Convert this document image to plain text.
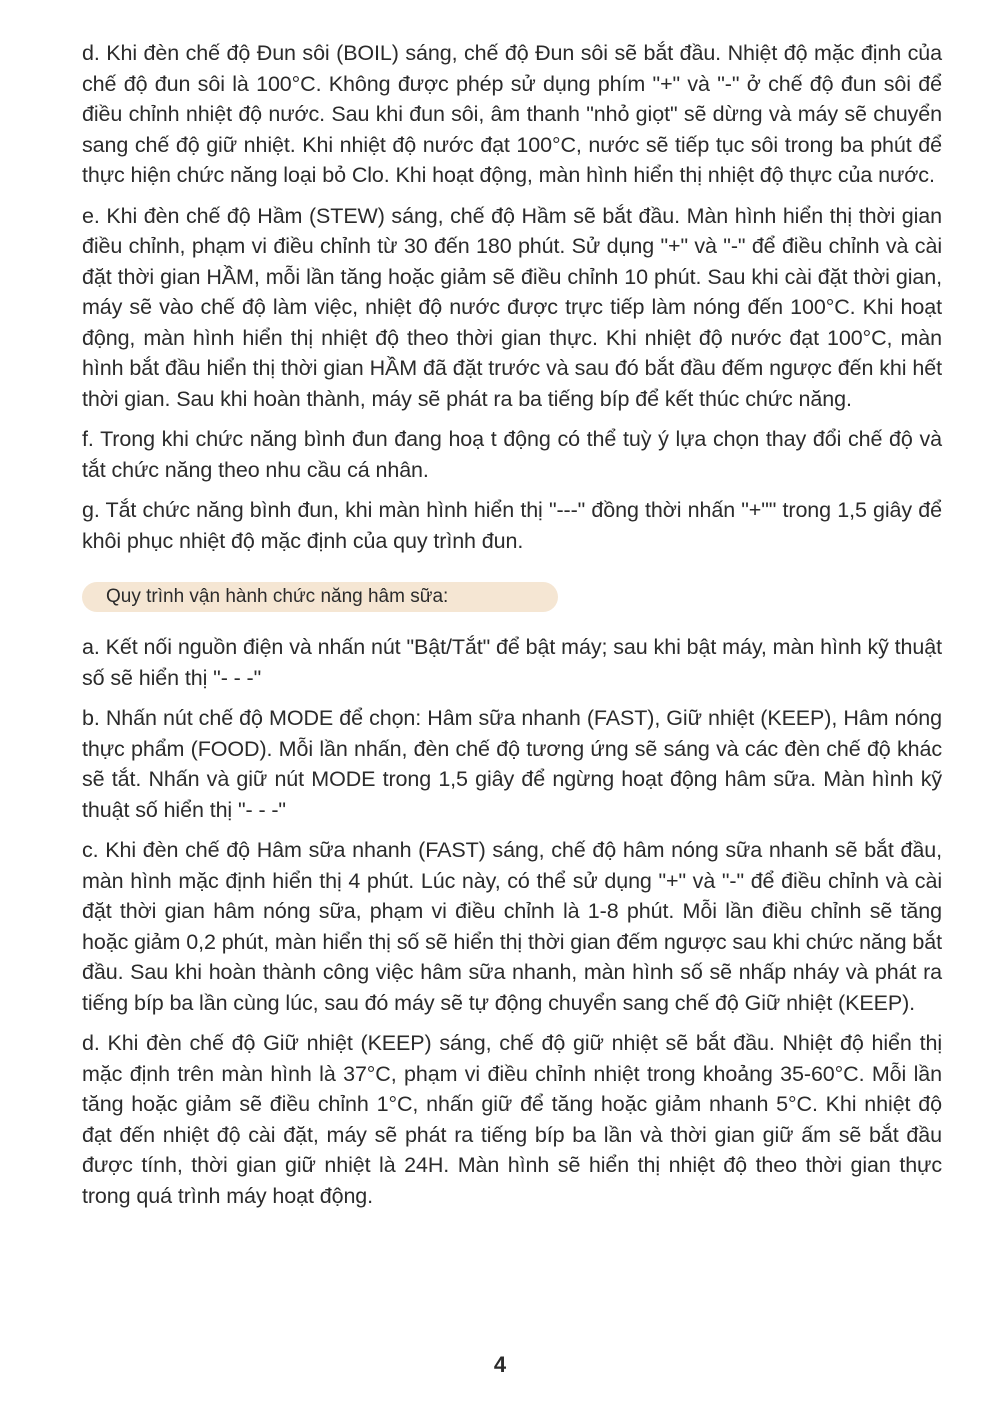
d. Khi đèn chế độ Đun sôi (BOIL) sáng, chế độ Đun sôi sẽ bắt đầu. Nhiệt độ mặc định của chế độ đun sôi là 100°C. Không được phép sử dụng phím "+" và "-" ở chế độ đun sôi để điều chỉnh nhiệt độ nước. Sau khi đun sôi, âm thanh "nhỏ giọt" sẽ dừng và máy sẽ chuyển sang chế độ giữ nhiệt. Khi nhiệt độ nước đạt 100°C, nước sẽ tiếp tục sôi trong ba phút để thực hiện chức năng loại bỏ Clo. Khi hoạt động, màn hình hiển thị nhiệt độ thực của nước.

e. Khi đèn chế độ Hầm (STEW) sáng, chế độ Hầm sẽ bắt đầu. Màn hình hiển thị thời gian điều chỉnh, phạm vi điều chỉnh từ 30 đến 180 phút. Sử dụng "+" và "-" để điều chỉnh và cài đặt thời gian HẦM, mỗi lần tăng hoặc giảm sẽ điều chỉnh 10 phút. Sau khi cài đặt thời gian, máy sẽ vào chế độ làm việc, nhiệt độ nước được trực tiếp làm nóng đến 100°C. Khi hoạt động, màn hình hiển thị nhiệt độ theo thời gian thực. Khi nhiệt độ nước đạt 100°C, màn hình bắt đầu hiển thị thời gian HẦM đã đặt trước và sau đó bắt đầu đếm ngược đến khi hết thời gian. Sau khi hoàn thành, máy sẽ phát ra ba tiếng bíp để kết thúc chức năng.

f. Trong khi chức năng bình đun đang hoạ t động có thể tuỳ ý lựa chọn thay đổi chế độ và tắt chức năng theo nhu cầu cá nhân.

g. Tắt chức năng bình đun, khi màn hình hiển thị "---" đồng thời nhấn "+"" trong 1,5 giây để khôi phục nhiệt độ mặc định của quy trình đun.

Quy trình vận hành chức năng hâm sữa:

a. Kết nối nguồn điện và nhấn nút "Bật/Tắt" để bật máy; sau khi bật máy, màn hình kỹ thuật số sẽ hiển thị "- - -"

b. Nhấn nút chế độ MODE để chọn: Hâm sữa nhanh (FAST), Giữ nhiệt (KEEP), Hâm nóng thực phẩm (FOOD). Mỗi lần nhấn, đèn chế độ tương ứng sẽ sáng và các đèn chế độ khác sẽ tắt. Nhấn và giữ nút MODE trong 1,5 giây để ngừng hoạt động hâm sữa. Màn hình kỹ thuật số hiển thị "- - -"

c. Khi đèn chế độ Hâm sữa nhanh (FAST) sáng, chế độ hâm nóng sữa nhanh sẽ bắt đầu, màn hình mặc định hiển thị 4 phút. Lúc này, có thể sử dụng "+" và "-" để điều chỉnh và cài đặt thời gian hâm nóng sữa, phạm vi điều chỉnh là 1-8 phút. Mỗi lần điều chỉnh sẽ tăng hoặc giảm 0,2 phút, màn hiển thị số sẽ hiển thị thời gian đếm ngược sau khi chức năng bắt đầu. Sau khi hoàn thành công việc hâm sữa nhanh, màn hình số sẽ nhấp nháy và phát ra tiếng bíp ba lần cùng lúc, sau đó máy sẽ tự động chuyển sang chế độ Giữ nhiệt (KEEP).

d. Khi đèn chế độ Giữ nhiệt (KEEP) sáng, chế độ giữ nhiệt sẽ bắt đầu. Nhiệt độ hiển thị mặc định trên màn hình là 37°C, phạm vi điều chỉnh nhiệt trong khoảng 35-60°C. Mỗi lần tăng hoặc giảm sẽ điều chỉnh 1°C, nhấn giữ để tăng hoặc giảm nhanh 5°C. Khi nhiệt độ đạt đến nhiệt độ cài đặt, máy sẽ phát ra tiếng bíp ba lần và thời gian giữ ấm sẽ bắt đầu được tính, thời gian giữ nhiệt là 24H. Màn hình sẽ hiển thị nhiệt độ theo thời gian thực trong quá trình máy hoạt động.

4
